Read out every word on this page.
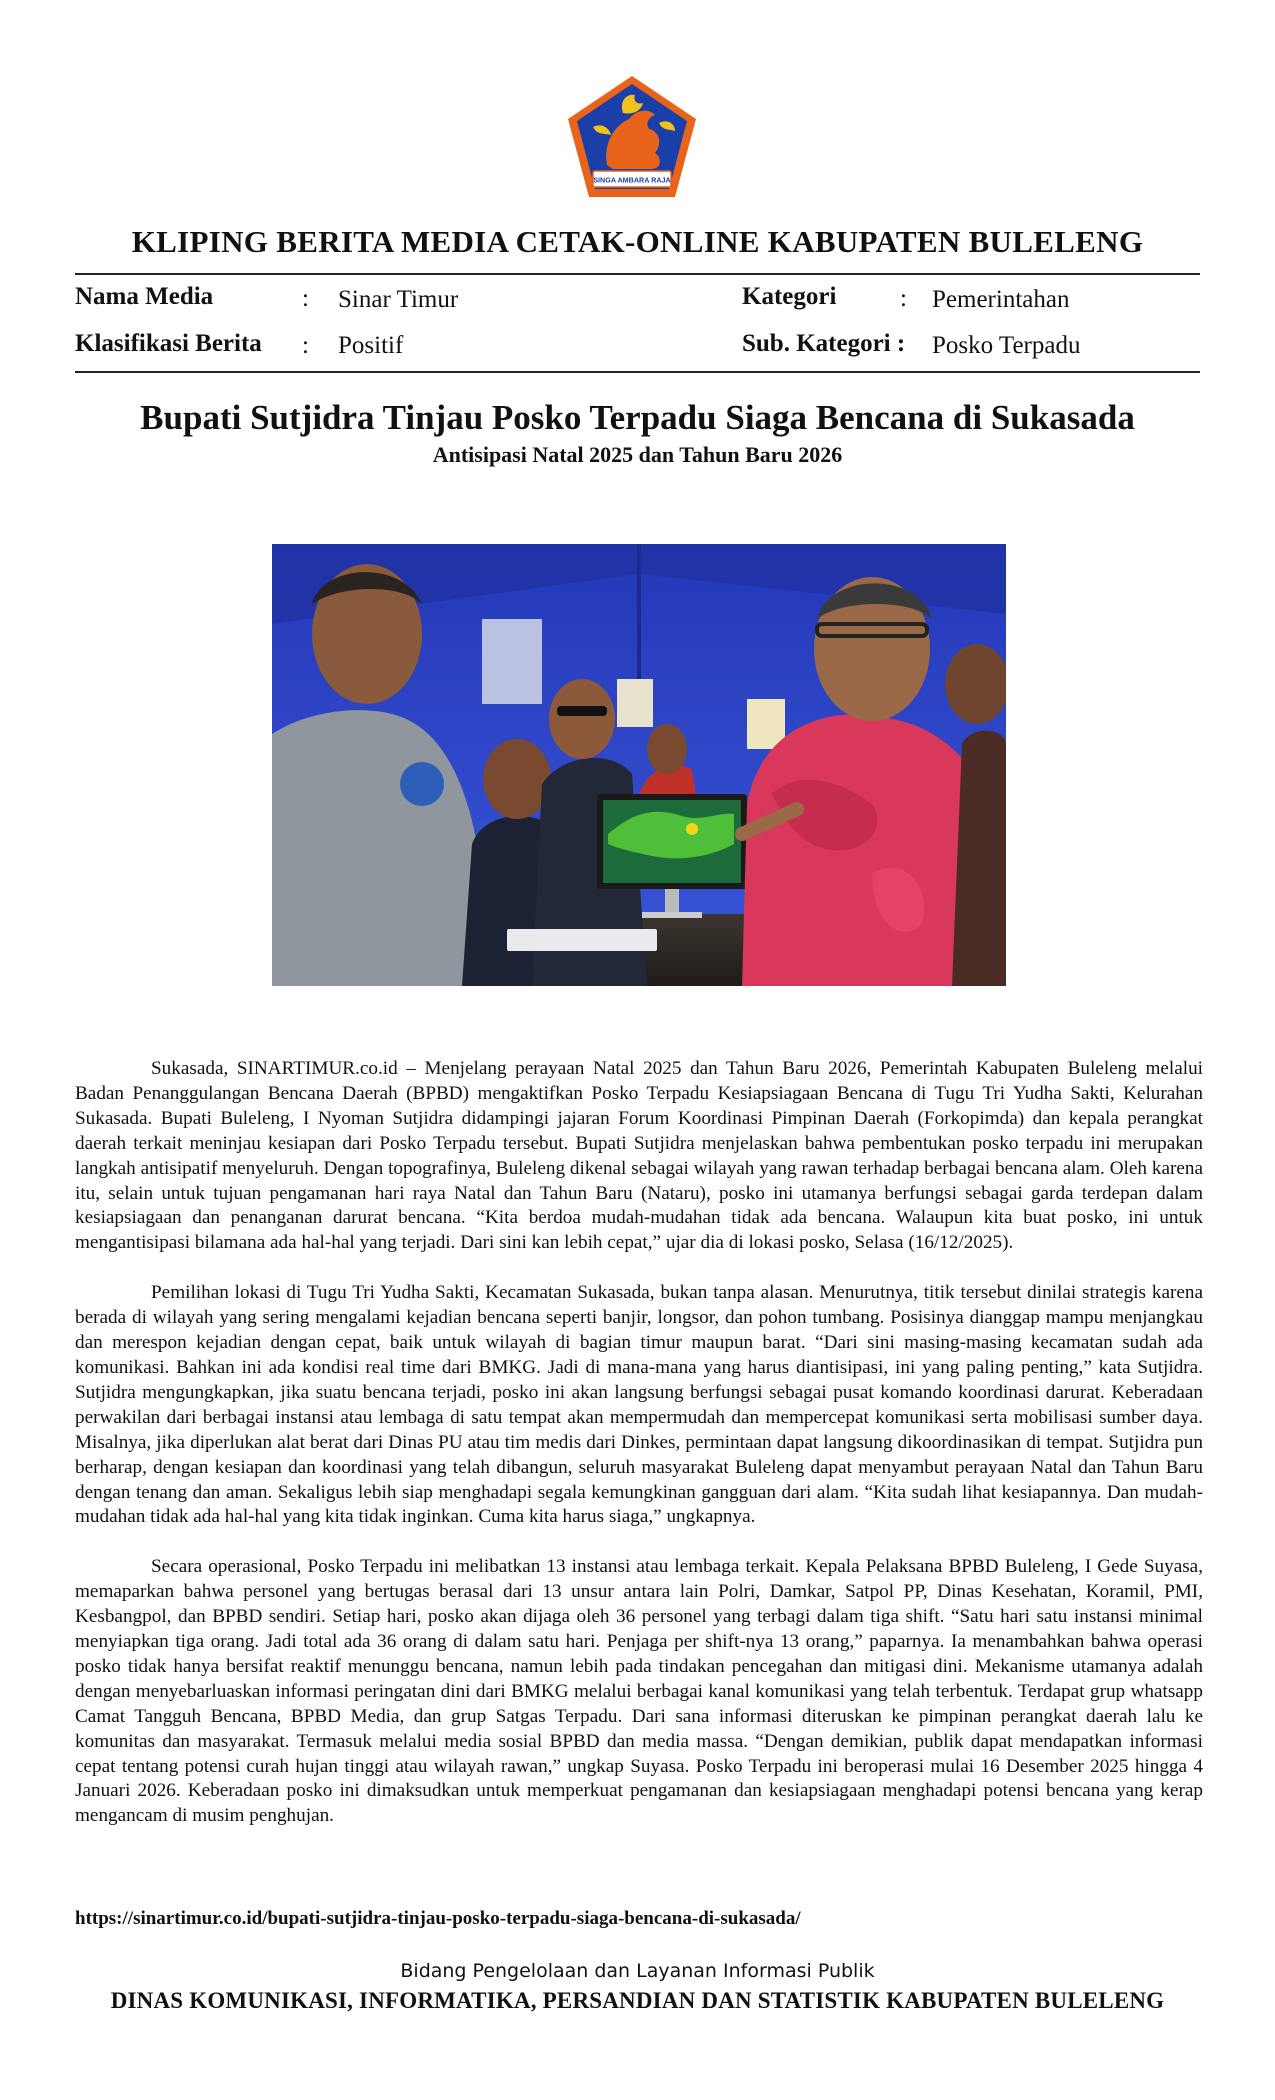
SINGA AMBARA RAJA
KLIPING BERITA MEDIA CETAK-ONLINE KABUPATEN BULELENG
Nama Media	: Sinar Timur	Kategori	: Pemerintahan
Klasifikasi Berita : Positif	Sub. Kategori : Posko Terpadu
Bupati Sutjidra Tinjau Posko Terpadu Siaga Bencana di Sukasada
Antisipasi Natal 2025 dan Tahun Baru 2026

Sukasada, SINARTIMUR.co.id – Menjelang perayaan Natal 2025 dan Tahun Baru 2026, Pemerintah Kabupaten Buleleng melalui Badan Penanggulangan Bencana Daerah (BPBD) mengaktifkan Posko Terpadu Kesiapsiagaan Bencana di Tugu Tri Yudha Sakti, Kelurahan Sukasada. Bupati Buleleng, I Nyoman Sutjidra didampingi jajaran Forum Koordinasi Pimpinan Daerah (Forkopimda) dan kepala perangkat daerah terkait meninjau kesiapan dari Posko Terpadu tersebut. Bupati Sutjidra menjelaskan bahwa pembentukan posko terpadu ini merupakan langkah antisipatif menyeluruh. Dengan topografinya, Buleleng dikenal sebagai wilayah yang rawan terhadap berbagai bencana alam. Oleh karena itu, selain untuk tujuan pengamanan hari raya Natal dan Tahun Baru (Nataru), posko ini utamanya berfungsi sebagai garda terdepan dalam kesiapsiagaan dan penanganan darurat bencana. “Kita berdoa mudah-mudahan tidak ada bencana. Walaupun kita buat posko, ini untuk mengantisipasi bilamana ada hal-hal yang terjadi. Dari sini kan lebih cepat,” ujar dia di lokasi posko, Selasa (16/12/2025).

Pemilihan lokasi di Tugu Tri Yudha Sakti, Kecamatan Sukasada, bukan tanpa alasan. Menurutnya, titik tersebut dinilai strategis karena berada di wilayah yang sering mengalami kejadian bencana seperti banjir, longsor, dan pohon tumbang. Posisinya dianggap mampu menjangkau dan merespon kejadian dengan cepat, baik untuk wilayah di bagian timur maupun barat. “Dari sini masing-masing kecamatan sudah ada komunikasi. Bahkan ini ada kondisi real time dari BMKG. Jadi di mana-mana yang harus diantisipasi, ini yang paling penting,” kata Sutjidra. Sutjidra mengungkapkan, jika suatu bencana terjadi, posko ini akan langsung berfungsi sebagai pusat komando koordinasi darurat. Keberadaan perwakilan dari berbagai instansi atau lembaga di satu tempat akan mempermudah dan mempercepat komunikasi serta mobilisasi sumber daya. Misalnya, jika diperlukan alat berat dari Dinas PU atau tim medis dari Dinkes, permintaan dapat langsung dikoordinasikan di tempat. Sutjidra pun berharap, dengan kesiapan dan koordinasi yang telah dibangun, seluruh masyarakat Buleleng dapat menyambut perayaan Natal dan Tahun Baru dengan tenang dan aman. Sekaligus lebih siap menghadapi segala kemungkinan gangguan dari alam. “Kita sudah lihat kesiapannya. Dan mudah-mudahan tidak ada hal-hal yang kita tidak inginkan. Cuma kita harus siaga,” ungkapnya.

Secara operasional, Posko Terpadu ini melibatkan 13 instansi atau lembaga terkait. Kepala Pelaksana BPBD Buleleng, I Gede Suyasa, memaparkan bahwa personel yang bertugas berasal dari 13 unsur antara lain Polri, Damkar, Satpol PP, Dinas Kesehatan, Koramil, PMI, Kesbangpol, dan BPBD sendiri. Setiap hari, posko akan dijaga oleh 36 personel yang terbagi dalam tiga shift. “Satu hari satu instansi minimal menyiapkan tiga orang. Jadi total ada 36 orang di dalam satu hari. Penjaga per shift-nya 13 orang,” paparnya. Ia menambahkan bahwa operasi posko tidak hanya bersifat reaktif menunggu bencana, namun lebih pada tindakan pencegahan dan mitigasi dini. Mekanisme utamanya adalah dengan menyebarluaskan informasi peringatan dini dari BMKG melalui berbagai kanal komunikasi yang telah terbentuk. Terdapat grup whatsapp Camat Tangguh Bencana, BPBD Media, dan grup Satgas Terpadu. Dari sana informasi diteruskan ke pimpinan perangkat daerah lalu ke komunitas dan masyarakat. Termasuk melalui media sosial BPBD dan media massa. “Dengan demikian, publik dapat mendapatkan informasi cepat tentang potensi curah hujan tinggi atau wilayah rawan,” ungkap Suyasa. Posko Terpadu ini beroperasi mulai 16 Desember 2025 hingga 4 Januari 2026. Keberadaan posko ini dimaksudkan untuk memperkuat pengamanan dan kesiapsiagaan menghadapi potensi bencana yang kerap mengancam di musim penghujan.

https://sinartimur.co.id/bupati-sutjidra-tinjau-posko-terpadu-siaga-bencana-di-sukasada/
Bidang Pengelolaan dan Layanan Informasi Publik
DINAS KOMUNIKASI, INFORMATIKA, PERSANDIAN DAN STATISTIK KABUPATEN BULELENG
